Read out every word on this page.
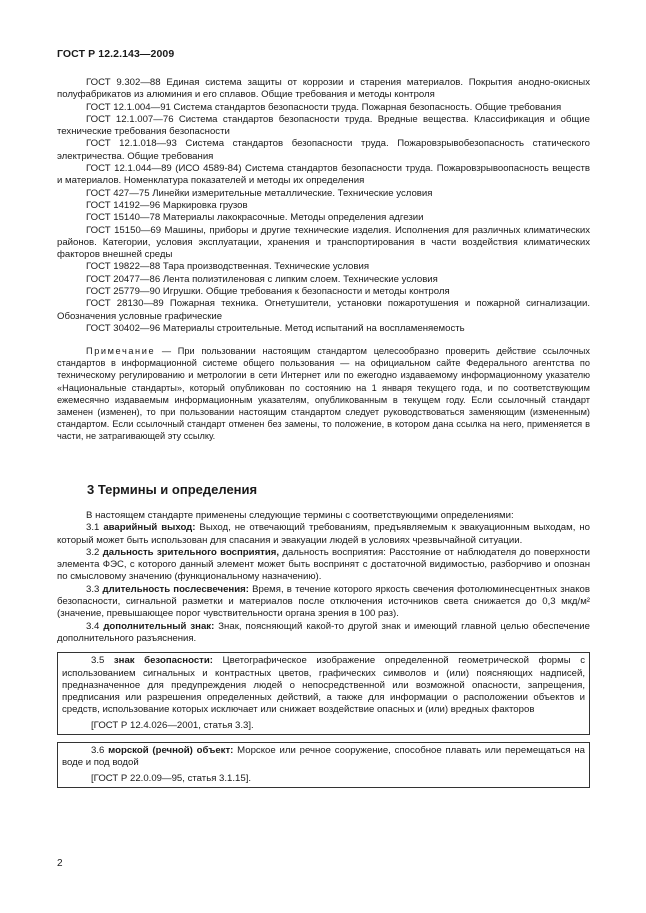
ГОСТ Р 12.2.143—2009

ГОСТ 9.302—88 Единая система защиты от коррозии и старения материалов. Покрытия анодно-окисных полуфабрикатов из алюминия и его сплавов. Общие требования и методы контроля

ГОСТ 12.1.004—91 Система стандартов безопасности труда. Пожарная безопасность. Общие требования

ГОСТ 12.1.007—76 Система стандартов безопасности труда. Вредные вещества. Классификация и общие технические требования безопасности

ГОСТ 12.1.018—93 Система стандартов безопасности труда. Пожаровзрывобезопасность статического электричества. Общие требования

ГОСТ 12.1.044—89 (ИСО 4589-84) Система стандартов безопасности труда. Пожаровзрывоопасность веществ и материалов. Номенклатура показателей и методы их определения

ГОСТ 427—75 Линейки измерительные металлические. Технические условия

ГОСТ 14192—96 Маркировка грузов

ГОСТ 15140—78 Материалы лакокрасочные. Методы определения адгезии

ГОСТ 15150—69 Машины, приборы и другие технические изделия. Исполнения для различных климатических районов. Категории, условия эксплуатации, хранения и транспортирования в части воздействия климатических факторов внешней среды

ГОСТ 19822—88 Тара производственная. Технические условия

ГОСТ 20477—86 Лента полиэтиленовая с липким слоем. Технические условия

ГОСТ 25779—90 Игрушки. Общие требования к безопасности и методы контроля

ГОСТ 28130—89 Пожарная техника. Огнетушители, установки пожаротушения и пожарной сигнализации. Обозначения условные графические

ГОСТ 30402—96 Материалы строительные. Метод испытаний на воспламеняемость

Примечание — При пользовании настоящим стандартом целесообразно проверить действие ссылочных стандартов в информационной системе общего пользования — на официальном сайте Федерального агентства по техническому регулированию и метрологии в сети Интернет или по ежегодно издаваемому информационному указателю «Национальные стандарты», который опубликован по состоянию на 1 января текущего года, и по соответствующим ежемесячно издаваемым информационным указателям, опубликованным в текущем году. Если ссылочный стандарт заменен (изменен), то при пользовании настоящим стандартом следует руководствоваться заменяющим (измененным) стандартом. Если ссылочный стандарт отменен без замены, то положение, в котором дана ссылка на него, применяется в части, не затрагивающей эту ссылку.

3 Термины и определения

В настоящем стандарте применены следующие термины с соответствующими определениями:

3.1 аварийный выход: Выход, не отвечающий требованиям, предъявляемым к эвакуационным выходам, но который может быть использован для спасания и эвакуации людей в условиях чрезвычайной ситуации.

3.2 дальность зрительного восприятия, дальность восприятия: Расстояние от наблюдателя до поверхности элемента ФЭС, с которого данный элемент может быть воспринят с достаточной видимостью, разборчиво и опознан по смысловому значению (функциональному назначению).

3.3 длительность послесвечения: Время, в течение которого яркость свечения фотолюминесцентных знаков безопасности, сигнальной разметки и материалов после отключения источников света снижается до 0,3 мкд/м² (значение, превышающее порог чувствительности органа зрения в 100 раз).

3.4 дополнительный знак: Знак, поясняющий какой-то другой знак и имеющий главной целью обеспечение дополнительного разъяснения.

3.5 знак безопасности: Цветографическое изображение определенной геометрической формы с использованием сигнальных и контрастных цветов, графических символов и (или) поясняющих надписей, предназначенное для предупреждения людей о непосредственной или возможной опасности, запрещения, предписания или разрешения определенных действий, а также для информации о расположении объектов и средств, использование которых исключает или снижает воздействие опасных и (или) вредных факторов

[ГОСТ Р 12.4.026—2001, статья 3.3].

3.6 морской (речной) объект: Морское или речное сооружение, способное плавать или перемещаться на воде и под водой

[ГОСТ Р 22.0.09—95, статья 3.1.15].

2
